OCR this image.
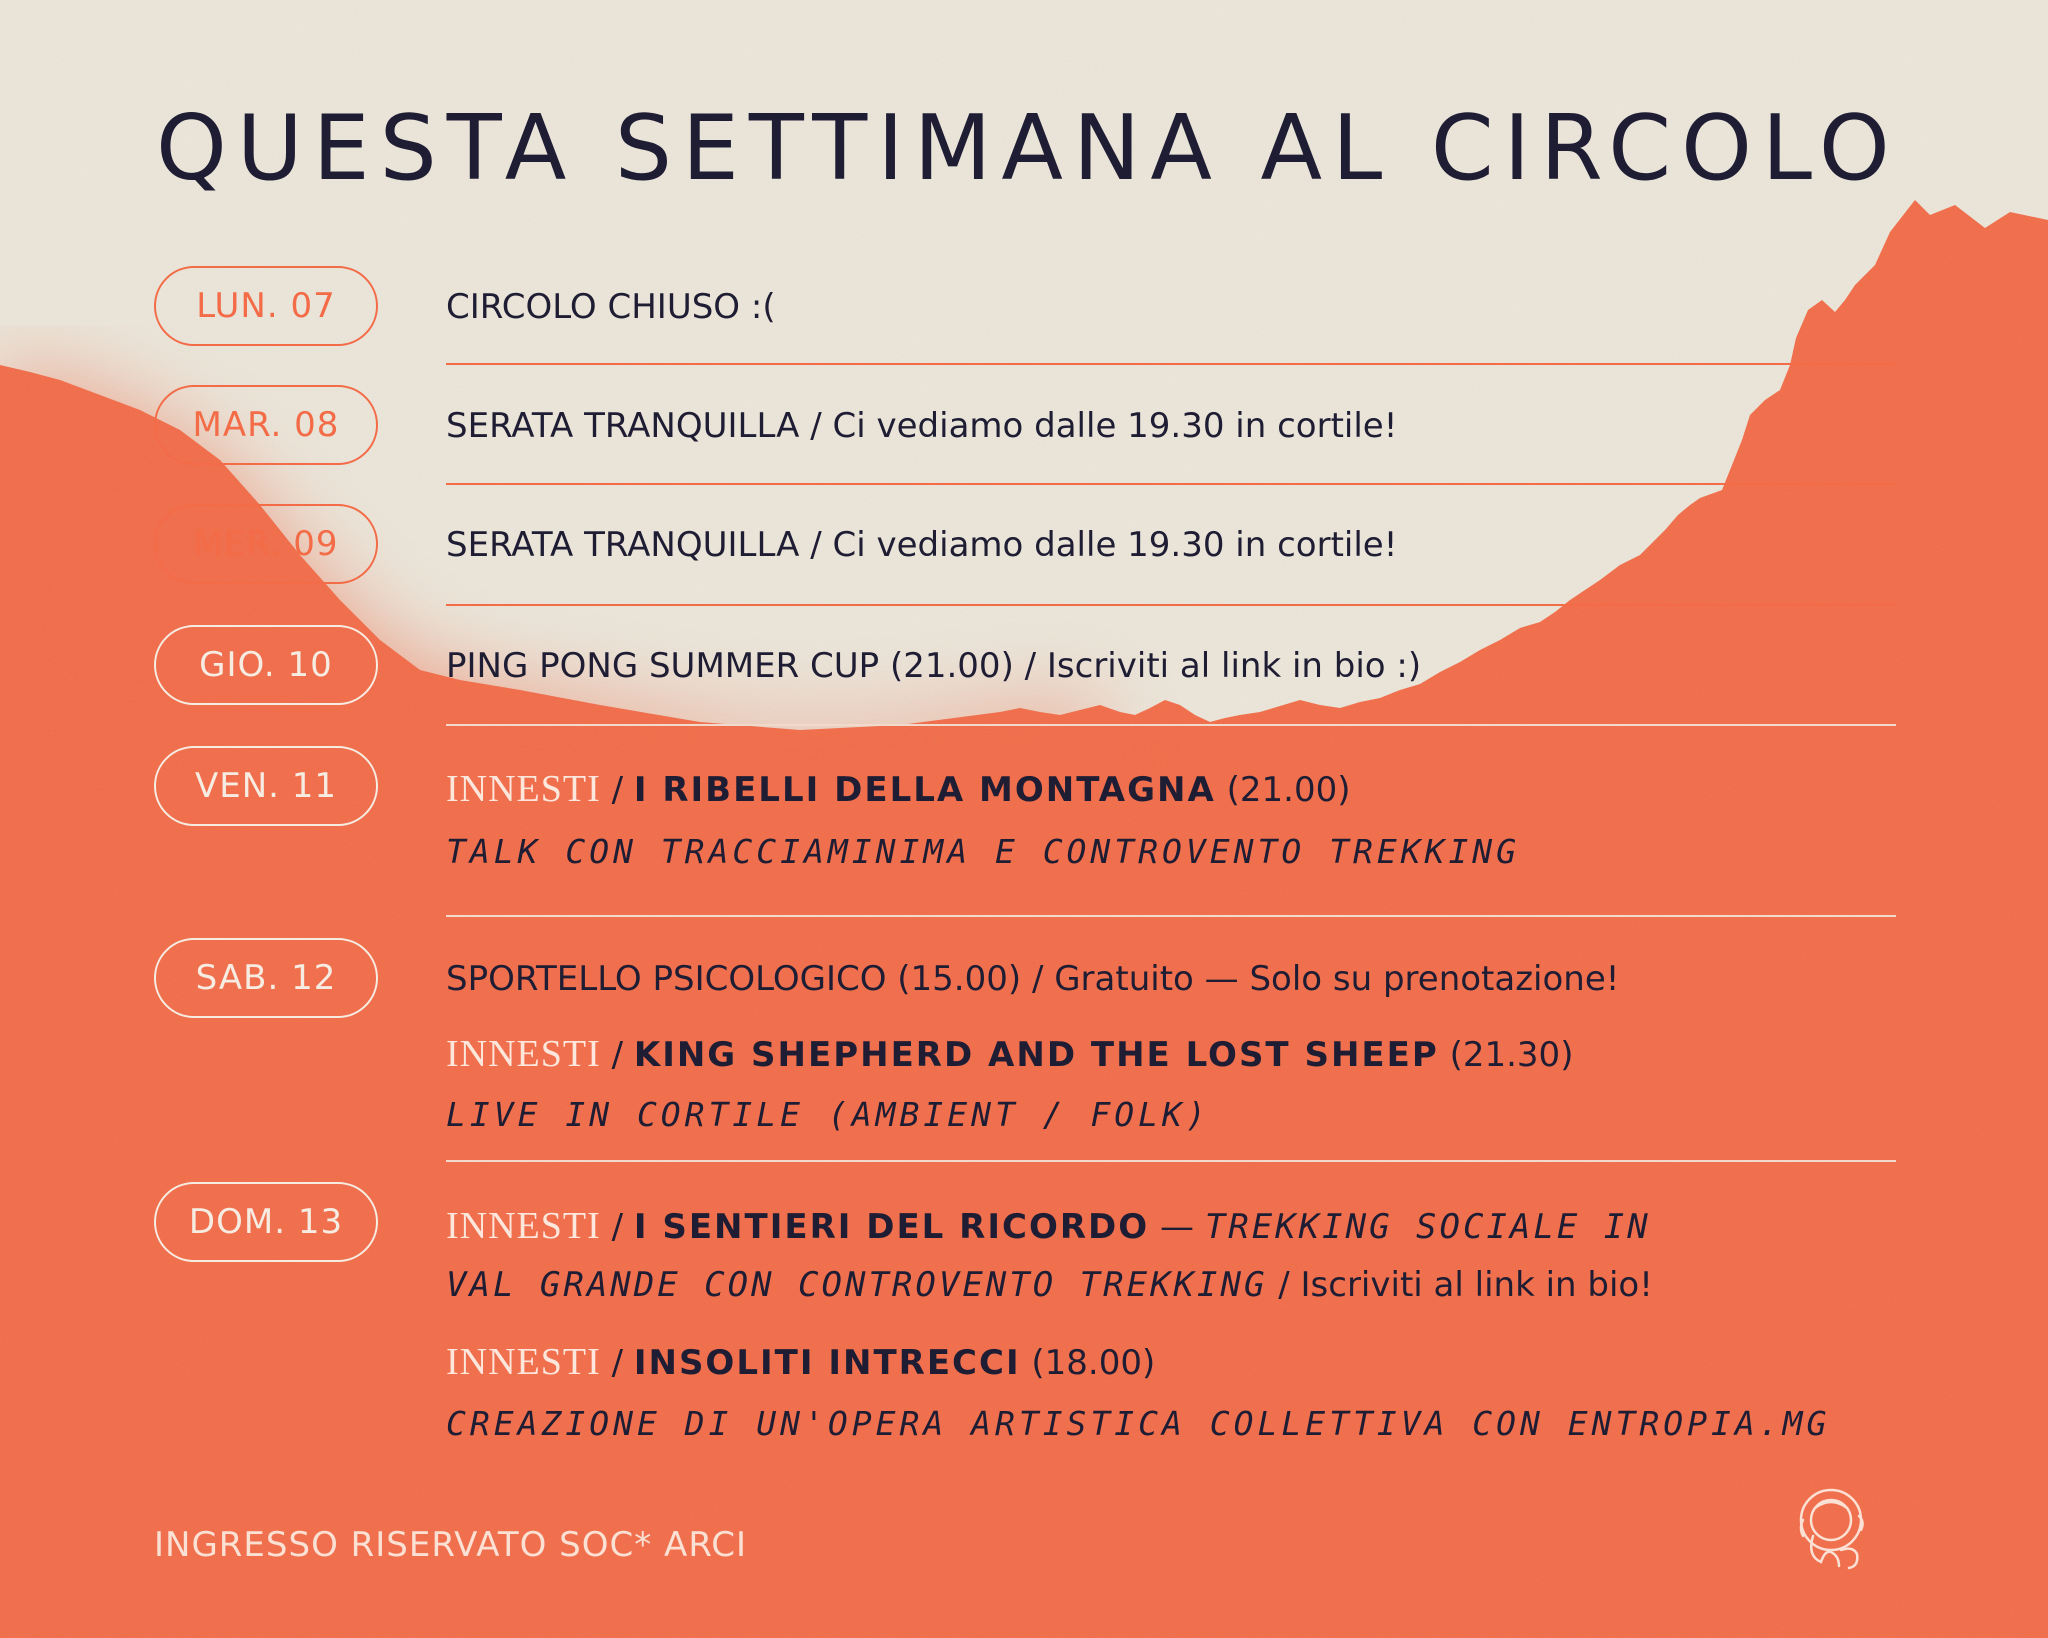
QUESTA SETTIMANA AL CIRCOLO
LUN. 07	CIRCOLO CHIUSO :(
MAR. 08	SERATA TRANQUILLA / Ci vediamo dalle 19.30 in cortile!
MER. 09	SERATA TRANQUILLA / Ci vediamo dalle 19.30 in cortile!
GIO. 10	PING PONG SUMMER CUP (21.00) / Iscriviti al link in bio :)
VEN. 11	INNESTI / I RIBELLI DELLA MONTAGNA (21.00)
TALK CON TRACCIAMINIMA E CONTROVENTO TREKKING
SAB. 12	SPORTELLO PSICOLOGICO (15.00) / Gratuito — Solo su prenotazione!
INNESTI / KING SHEPHERD AND THE LOST SHEEP (21.30)
LIVE IN CORTILE (AMBIENT / FOLK)
DOM. 13	INNESTI / I SENTIERI DEL RICORDO — TREKKING SOCIALE IN
VAL GRANDE CON CONTROVENTO TREKKING / Iscriviti al link in bio!
INNESTI / INSOLITI INTRECCI (18.00)
CREAZIONE DI UN'OPERA ARTISTICA COLLETTIVA CON ENTROPIA.MG
INGRESSO RISERVATO SOC* ARCI
